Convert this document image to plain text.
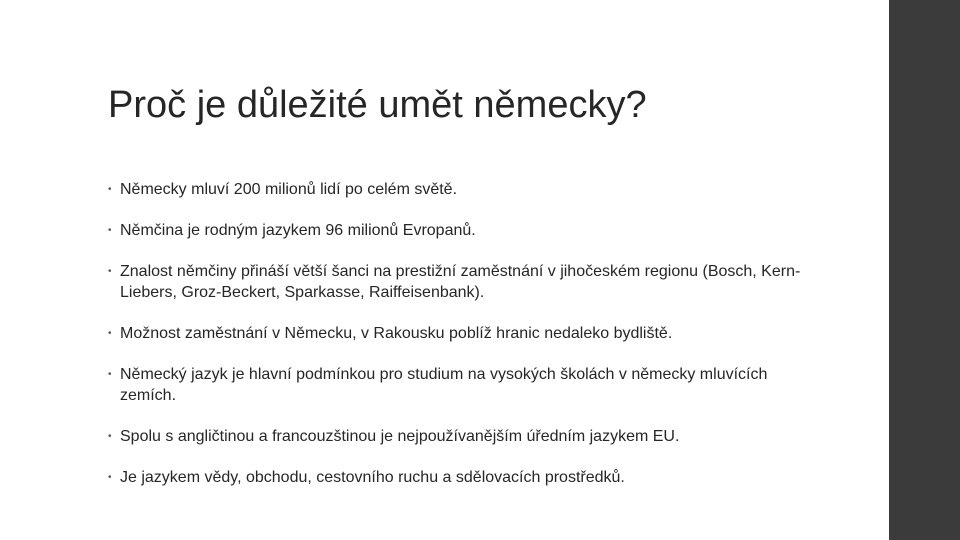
Proč je důležité umět německy?
• Německy mluví 200 milionů lidí po celém světě.
• Němčina je rodným jazykem 96 milionů Evropanů.
• Znalost němčiny přináší větší šanci na prestižní zaměstnání v jihočeském regionu (Bosch, Kern-Liebers, Groz-Beckert, Sparkasse, Raiffeisenbank).
• Možnost zaměstnání v Německu, v Rakousku poblíž hranic nedaleko bydliště.
• Německý jazyk je hlavní podmínkou pro studium na vysokých školách v německy mluvících zemích.
• Spolu s angličtinou a francouzštinou je nejpoužívanějším úředním jazykem EU.
• Je jazykem vědy, obchodu, cestovního ruchu a sdělovacích prostředků.
